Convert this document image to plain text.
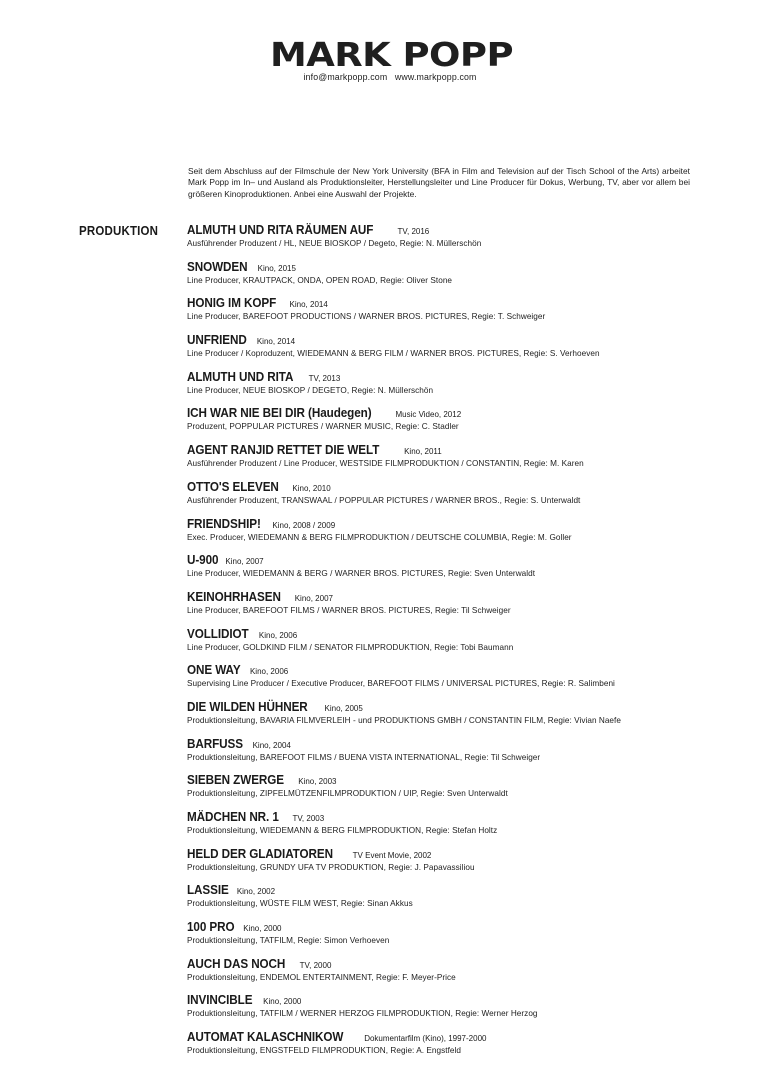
MARK POPP
info@markpopp.com www.markpopp.com
Seit dem Abschluss auf der Filmschule der New York University (BFA in Film and Television auf der Tisch School of the Arts) arbeitet Mark Popp im In– und Ausland als Produktionsleiter, Herstellungsleiter und Line Producer für Dokus, Werbung, TV, aber vor allem bei größeren Kinoproduktionen. Anbei eine Auswahl der Projekte.
PRODUKTION ALMUTH UND RITA RÄUMEN AUF	TV, 2016
Ausführender Produzent / HL, NEUE BIOSKOP / Degeto, Regie: N. Müllerschön
SNOWDEN Kino, 2015
Line Producer, KRAUTPACK, ONDA, OPEN ROAD, Regie: Oliver Stone
HONIG IM KOPF Kino, 2014
Line Producer, BAREFOOT PRODUCTIONS / WARNER BROS. PICTURES, Regie: T. Schweiger
UNFRIEND Kino, 2014
Line Producer / Koproduzent, WIEDEMANN & BERG FILM / WARNER BROS. PICTURES, Regie: S. Verhoeven
ALMUTH UND RITA TV, 2013
Line Producer, NEUE BIOSKOP / DEGETO, Regie: N. Müllerschön
ICH WAR NIE BEI DIR (Haudegen)	Music Video, 2012
Produzent, POPPULAR PICTURES / WARNER MUSIC, Regie: C. Stadler
AGENT RANJID RETTET DIE WELT	Kino, 2011
Ausführender Produzent / Line Producer, WESTSIDE FILMPRODUKTION / CONSTANTIN, Regie: M. Karen
OTTO'S ELEVEN Kino, 2010
Ausführender Produzent, TRANSWAAL / POPPULAR PICTURES / WARNER BROS., Regie: S. Unterwaldt
FRIENDSHIP! Kino, 2008 / 2009
Exec. Producer, WIEDEMANN & BERG FILMPRODUKTION / DEUTSCHE COLUMBIA, Regie: M. Goller
U-900 Kino, 2007
Line Producer, WIEDEMANN & BERG / WARNER BROS. PICTURES, Regie: Sven Unterwaldt
KEINOHRHASEN Kino, 2007
Line Producer, BAREFOOT FILMS / WARNER BROS. PICTURES, Regie: Til Schweiger
VOLLIDIOT Kino, 2006
Line Producer, GOLDKIND FILM / SENATOR FILMPRODUKTION, Regie: Tobi Baumann
ONE WAY Kino, 2006
Supervising Line Producer / Executive Producer, BAREFOOT FILMS / UNIVERSAL PICTURES, Regie: R. Salimbeni
DIE WILDEN HÜHNER Kino, 2005
Produktionsleitung, BAVARIA FILMVERLEIH - und PRODUKTIONS GMBH / CONSTANTIN FILM, Regie: Vivian Naefe
BARFUSS Kino, 2004
Produktionsleitung, BAREFOOT FILMS / BUENA VISTA INTERNATIONAL, Regie: Til Schweiger
SIEBEN ZWERGE Kino, 2003
Produktionsleitung, ZIPFELMÜTZENFILMPRODUKTION / UIP, Regie: Sven Unterwaldt
MÄDCHEN NR. 1 TV, 2003
Produktionsleitung, WIEDEMANN & BERG FILMPRODUKTION, Regie: Stefan Holtz
HELD DER GLADIATOREN TV Event Movie, 2002
Produktionsleitung, GRUNDY UFA TV PRODUKTION, Regie: J. Papavassiliou
LASSIE Kino, 2002
Produktionsleitung, WÜSTE FILM WEST, Regie: Sinan Akkus
100 PRO Kino, 2000
Produktionsleitung, TATFILM, Regie: Simon Verhoeven
AUCH DAS NOCH TV, 2000
Produktionsleitung, ENDEMOL ENTERTAINMENT, Regie: F. Meyer-Price
INVINCIBLE Kino, 2000
Produktionsleitung, TATFILM / WERNER HERZOG FILMPRODUKTION, Regie: Werner Herzog
AUTOMAT KALASCHNIKOW	Dokumentarfilm (Kino), 1997-2000
Produktionsleitung, ENGSTFELD FILMPRODUKTION, Regie: A. Engstfeld
